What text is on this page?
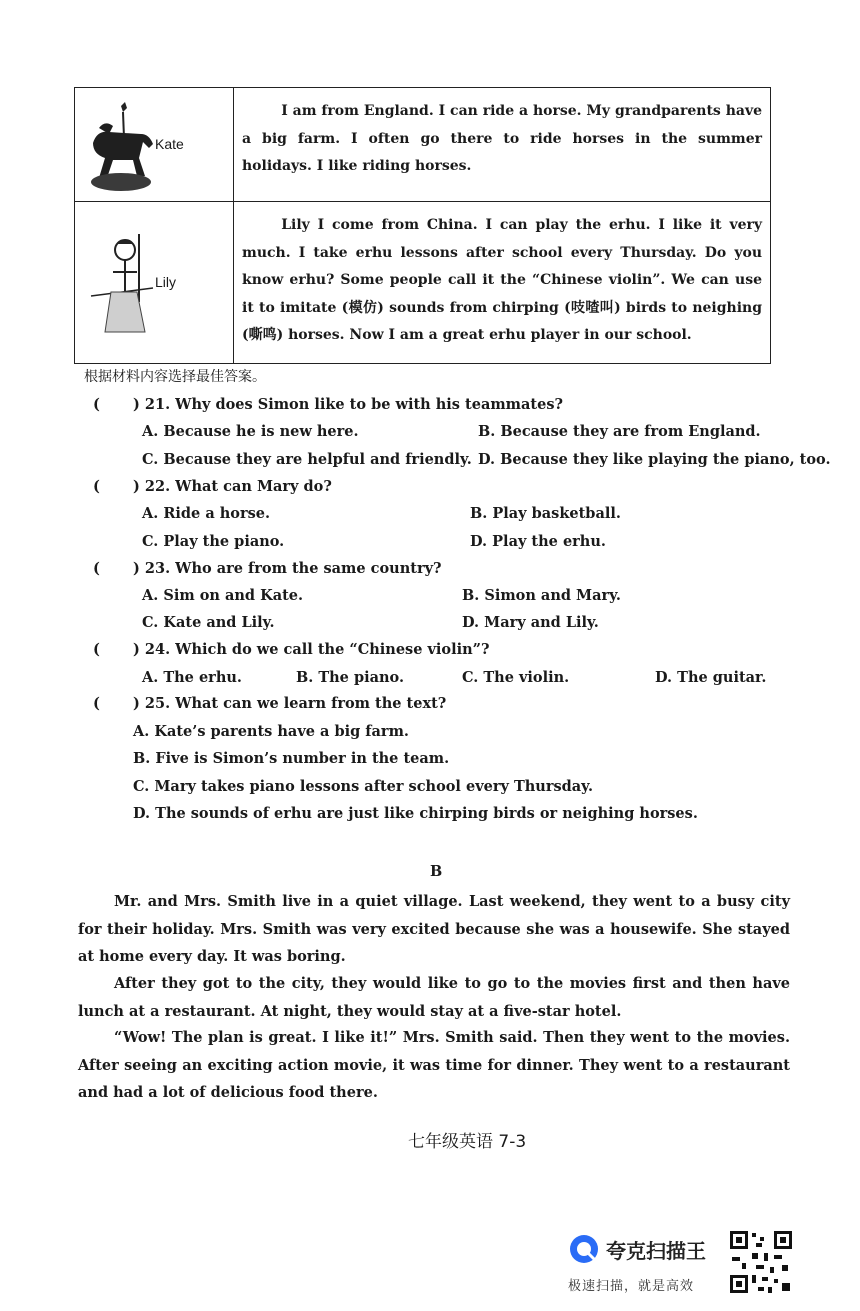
Kate
I am from England. I can ride a horse. My grandparents have a big farm. I often go there to ride horses in the summer holidays. I like riding horses.
Lily
Lily I come from China. I can play the erhu. I like it very much. I take erhu lessons after school every Thursday. Do you know erhu? Some people call it the “Chinese violin”. We can use it to imitate (模仿) sounds from chirping (吱喳叫) birds to neighing (嘶鸣) horses. Now I am a great erhu player in our school.
根据材料内容选择最佳答案。
( ) 21. Why does Simon like to be with his teammates?
A. Because he is new here.	B. Because they are from England.
C. Because they are helpful and friendly. D. Because they like playing the piano, too.
( ) 22. What can Mary do?
A. Ride a horse.	B. Play basketball.
C. Play the piano.	D. Play the erhu.
( ) 23. Who are from the same country?
A. Sim on and Kate.	B. Simon and Mary.
C. Kate and Lily.	D. Mary and Lily.
( ) 24. Which do we call the “Chinese violin”?
A. The erhu.	B. The piano.	C. The violin.	D. The guitar.
( ) 25. What can we learn from the text?
A. Kate’s parents have a big farm.
B. Five is Simon’s number in the team.
C. Mary takes piano lessons after school every Thursday.
D. The sounds of erhu are just like chirping birds or neighing horses.
B
Mr. and Mrs. Smith live in a quiet village. Last weekend, they went to a busy city for their holiday. Mrs. Smith was very excited because she was a housewife. She stayed at home every day. It was boring.
After they got to the city, they would like to go to the movies first and then have lunch at a restaurant. At night, they would stay at a five-star hotel.
“Wow! The plan is great. I like it!” Mrs. Smith said. Then they went to the movies. After seeing an exciting action movie, it was time for dinner. They went to a restaurant and had a lot of delicious food there.
七年级英语 7-3
夸克扫描王
极速扫描，就是高效
